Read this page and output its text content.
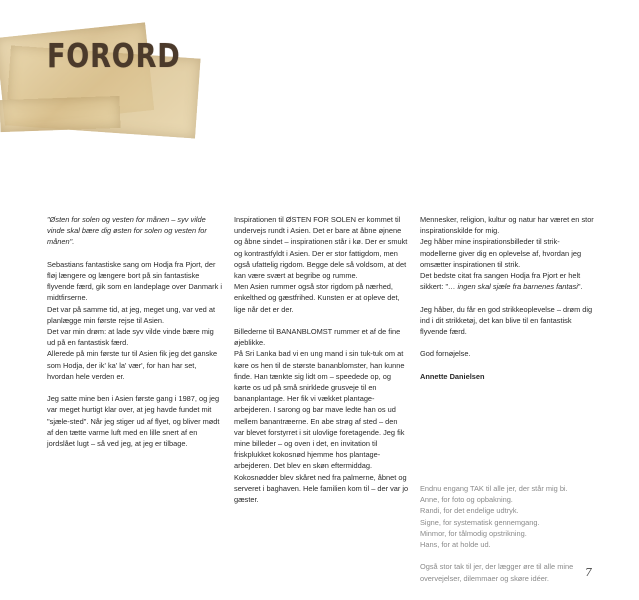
FORORD

"Østen for solen og vesten for månen – syv vilde vinde skal bære dig østen for solen og vesten for månen".

Sebastians fantastiske sang om Hodja fra Pjort, der fløj længere og længere bort på sin fantastiske flyvende færd, gik som en landeplage over Danmark i midtfirserne.
Det var på samme tid, at jeg, meget ung, var ved at planlægge min første rejse til Asien.
Det var min drøm: at lade syv vilde vinde bære mig ud på en fantastisk færd.
Allerede på min første tur til Asien fik jeg det ganske som Hodja, der ik' ka' la' vær', for han har set, hvordan hele verden er.

Jeg satte mine ben i Asien første gang i 1987, og jeg var meget hurtigt klar over, at jeg havde fundet mit "sjæle-sted". Når jeg stiger ud af flyet, og bliver mødt af den tætte varme luft med en lille snert af en jordslået lugt – så ved jeg, at jeg er tilbage.

Inspirationen til ØSTEN FOR SOLEN er kommet til undervejs rundt i Asien. Det er bare at åbne øjnene og åbne sindet – inspirationen står i kø. Der er smukt og kontrastfyldt i Asien. Der er stor fattigdom, men også ufattelig rigdom. Begge dele så voldsom, at det kan være svært at begribe og rumme.
Men Asien rummer også stor rigdom på nærhed, enkelthed og gæstfrihed. Kunsten er at opleve det, lige når det er der.

Billederne til BANANBLOMST rummer et af de fine øjeblikke.
På Sri Lanka bad vi en ung mand i sin tuk-tuk om at køre os hen til de største bananblomster, han kunne finde. Han tænkte sig lidt om – speedede op, og kørte os ud på små snirklede grusveje til en bananplantage. Her fik vi vækket plantage-arbejderen. I sarong og bar mave ledte han os ud mellem banantræerne. En abe strøg af sted – den var blevet forstyrret i sit ulovlige foretagende. Jeg fik mine billeder – og oven i det, en invitation til friskplukket kokosnød hjemme hos plantage-arbejderen. Det blev en skøn eftermiddag. Kokosnødder blev skåret ned fra palmerne, åbnet og serveret i baghaven. Hele familien kom til – der var jo gæster.

Mennesker, religion, kultur og natur har været en stor inspirationskilde for mig.
Jeg håber mine inspirationsbilleder til strik-modellerne giver dig en oplevelse af, hvordan jeg omsætter inspirationen til strik.
Det bedste citat fra sangen Hodja fra Pjort er helt sikkert: "… ingen skal sjæle fra barnenes fantasi".

Jeg håber, du får en god strikkeoplevelse – drøm dig ind i dit strikketøj, det kan blive til en fantastisk flyvende færd.

God fornøjelse.

Annette Danielsen

Endnu engang TAK til alle jer, der står mig bi.
Anne, for foto og opbakning.
Randi, for det endelige udtryk.
Signe, for systematisk gennemgang.
Minmor, for tålmodig opstrikning.
Hans, for at holde ud.

Også stor tak til jer, der lægger øre til alle mine overvejelser, dilemmaer og skøre idéer.	7
